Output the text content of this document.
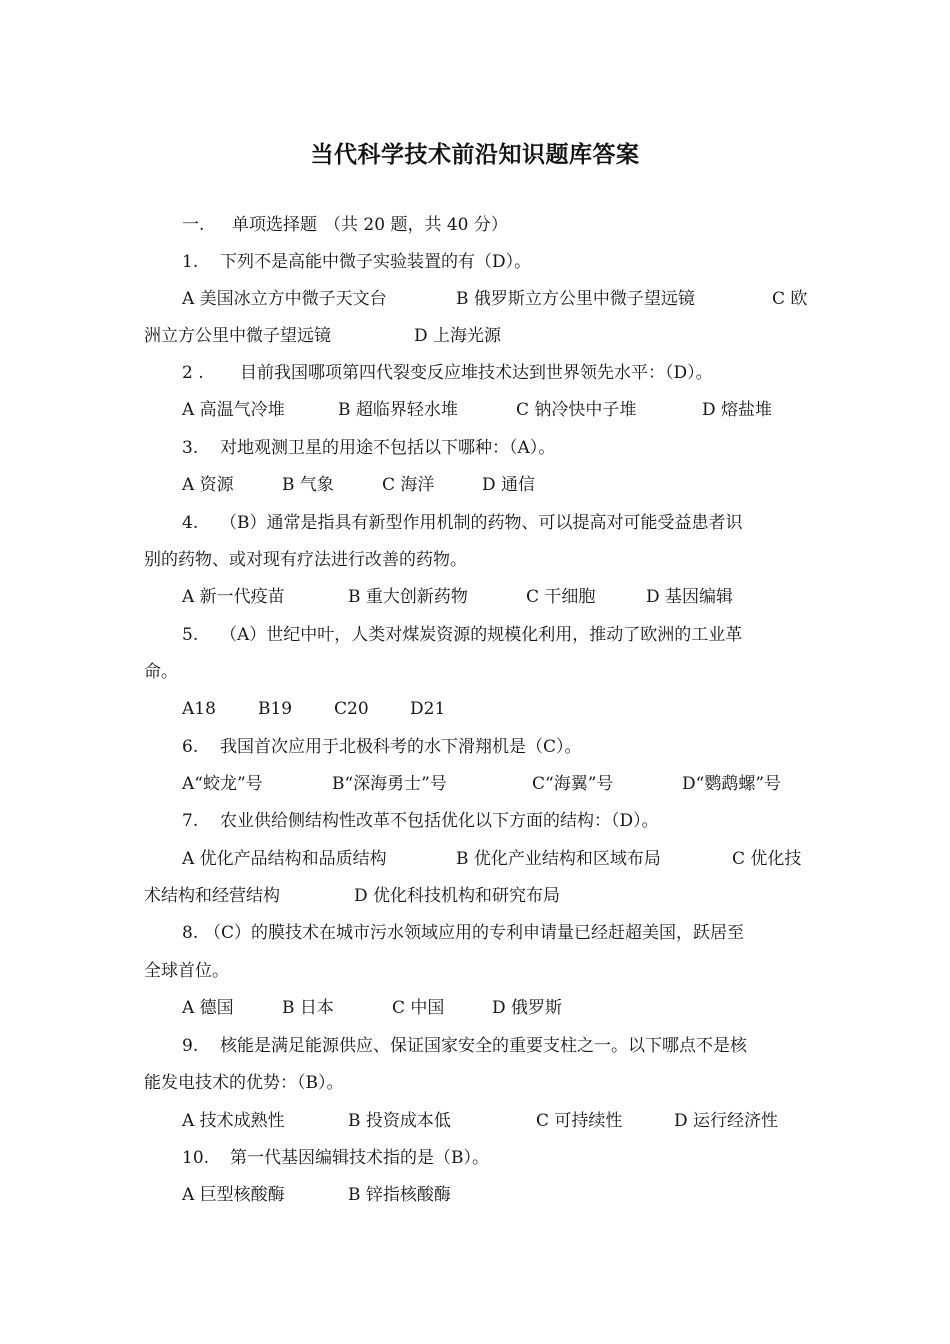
当代科学技术前沿知识题库答案
一. 单项选择题 （共 20 题，共 40 分）
1. 下列不是高能中微子实验装置的有（D）。
A 美国冰立方中微子天文台	B 俄罗斯立方公里中微子望远镜	C 欧
洲立方公里中微子望远镜	D 上海光源
2 . 目前我国哪项第四代裂变反应堆技术达到世界领先水平：（D）。
A 高温气冷堆	B 超临界轻水堆	C 钠冷快中子堆	D 熔盐堆
3. 对地观测卫星的用途不包括以下哪种：（A）。
A 资源	B 气象	C 海洋	D 通信
4. （B）通常是指具有新型作用机制的药物、可以提高对可能受益患者识
别的药物、或对现有疗法进行改善的药物。
A 新一代疫苗	B 重大创新药物	C 干细胞	D 基因编辑
5. （A）世纪中叶，人类对煤炭资源的规模化利用，推动了欧洲的工业革
命。
A18 B19 C20 D21
6. 我国首次应用于北极科考的水下滑翔机是（C）。
A“蛟龙”号	B“深海勇士”号	C“海翼”号	D“鹦鹉螺”号
7. 农业供给侧结构性改革不包括优化以下方面的结构：（D）。
A 优化产品结构和品质结构	B 优化产业结构和区域布局	C 优化技
术结构和经营结构	D 优化科技机构和研究布局
8. （C）的膜技术在城市污水领域应用的专利申请量已经赶超美国，跃居至
全球首位。
A 德国	B 日本	C 中国	D 俄罗斯
9. 核能是满足能源供应、保证国家安全的重要支柱之一。以下哪点不是核
能发电技术的优势：（B）。
A 技术成熟性	B 投资成本低	C 可持续性	D 运行经济性
10. 第一代基因编辑技术指的是（B）。
A 巨型核酸酶	B 锌指核酸酶
